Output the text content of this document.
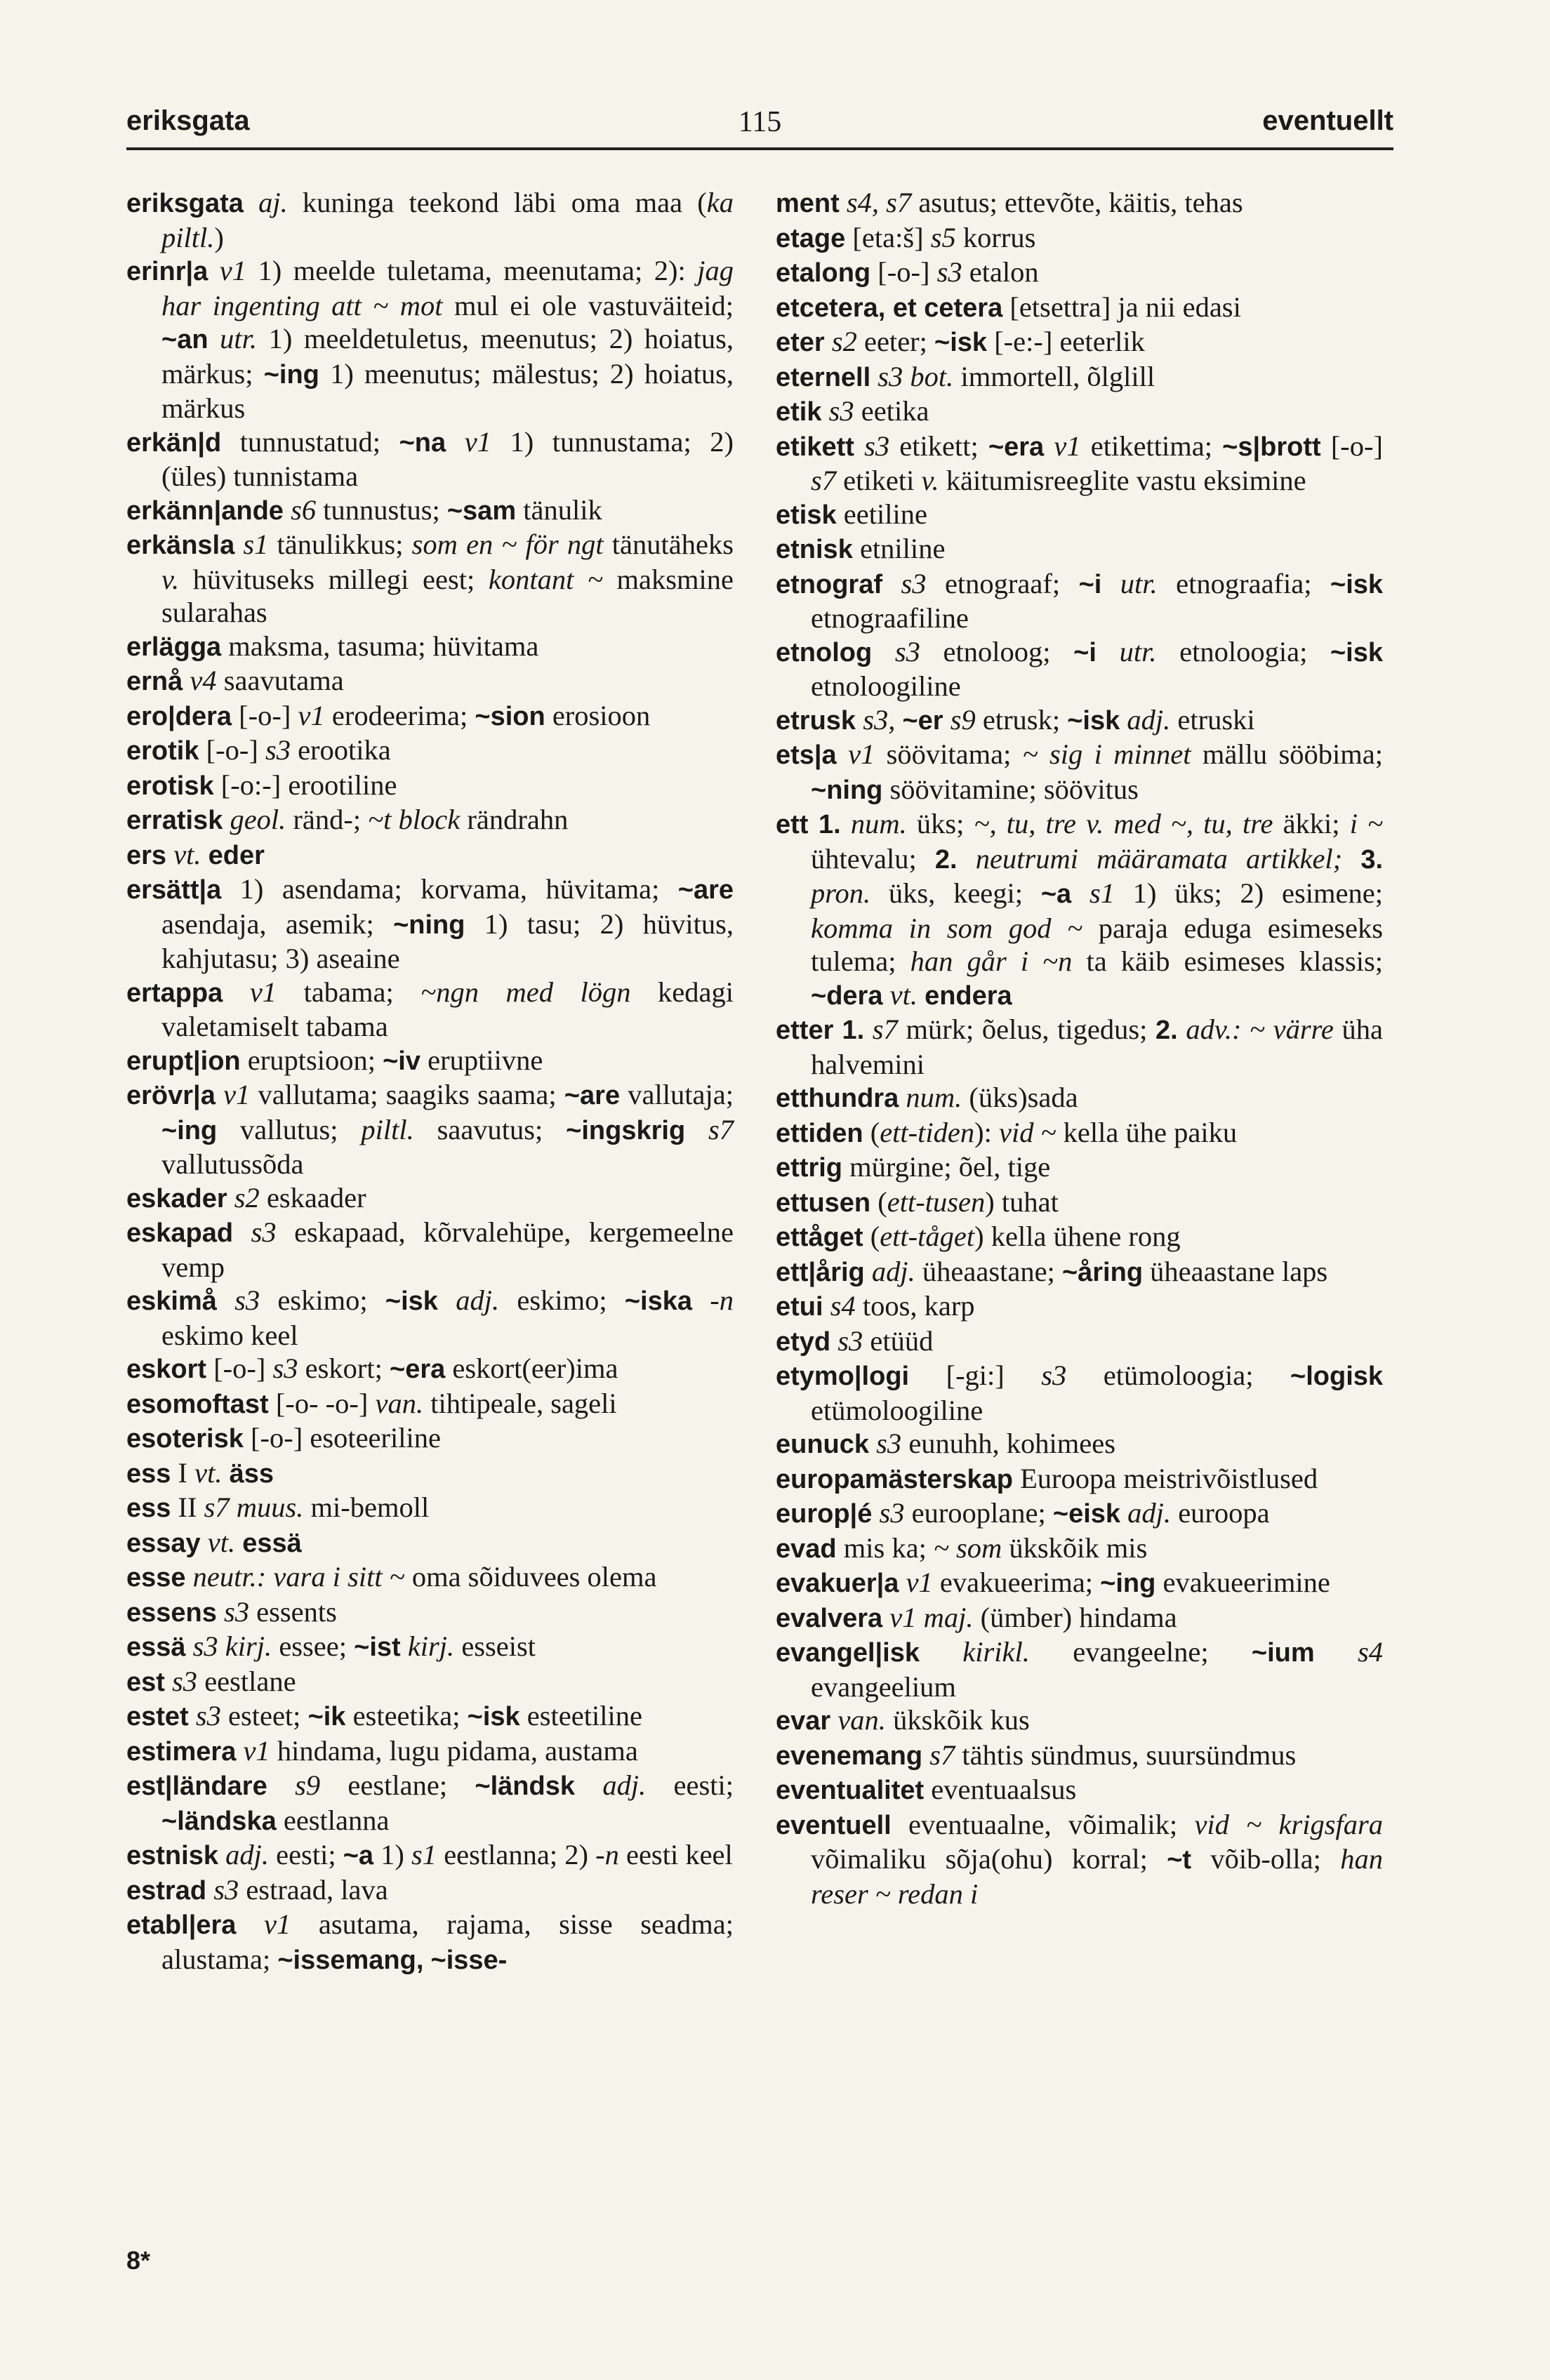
eriksgata	115	eventuellt

eriksgata aj. kuninga teekond läbi oma maa (ka piltl.)

erinr|a v1 1) meelde tuletama, meenutama; 2): jag har ingenting att ~ mot mul ei ole vastuväiteid; ~an utr. 1) meeldetuletus, meenutus; 2) hoiatus, märkus; ~ing 1) meenutus; mälestus; 2) hoiatus, märkus

erkän|d tunnustatud; ~na v1 1) tunnustama; 2) (üles) tunnistama

erkänn|ande s6 tunnustus; ~sam tänulik

erkänsla s1 tänulikkus; som en ~ för ngt tänutäheks v. hüvituseks millegi eest; kontant ~ maksmine sularahas

erlägga maksma, tasuma; hüvitama

ernå v4 saavutama

ero|dera [-o-] v1 erodeerima; ~sion erosioon

erotik [-o-] s3 erootika

erotisk [-o:-] erootiline

erratisk geol. ränd-; ~t block rändrahn

ers vt. eder

ersätt|a 1) asendama; korvama, hüvitama; ~are asendaja, asemik; ~ning 1) tasu; 2) hüvitus, kahjutasu; 3) aseaine

ertappa v1 tabama; ~ngn med lögn kedagi valetamiselt tabama

erupt|ion eruptsioon; ~iv eruptiivne

erövr|a v1 vallutama; saagiks saama; ~are vallutaja; ~ing vallutus; piltl. saavutus; ~ingskrig s7 vallutussõda

eskader s2 eskaader

eskapad s3 eskapaad, kõrvalehüpe, kergemeelne vemp

eskimå s3 eskimo; ~isk adj. eskimo; ~iska -n eskimo keel

eskort [-o-] s3 eskort; ~era eskort(eer)ima

esomoftast [-o- -o-] van. tihtipeale, sageli

esoterisk [-o-] esoteeriline

ess I vt. äss

ess II s7 muus. mi-bemoll

essay vt. essä

esse neutr.: vara i sitt ~ oma sõiduvees olema

essens s3 essents

essä s3 kirj. essee; ~ist kirj. esseist

est s3 eestlane

estet s3 esteet; ~ik esteetika; ~isk esteetiline

estimera v1 hindama, lugu pidama, austama

est|ländare s9 eestlane; ~ländsk adj. eesti; ~ländska eestlanna

estnisk adj. eesti; ~a 1) s1 eestlanna; 2) -n eesti keel

estrad s3 estraad, lava

etabl|era v1 asutama, rajama, sisse seadma; alustama; ~issemang, ~isse-

ment s4, s7 asutus; ettevõte, käitis, tehas

etage [eta:š] s5 korrus

etalong [-o-] s3 etalon

etcetera, et cetera [etsettra] ja nii edasi

eter s2 eeter; ~isk [-e:-] eeterlik

eternell s3 bot. immortell, õlglill

etik s3 eetika

etikett s3 etikett; ~era v1 etikettima; ~s|brott [-o-] s7 etiketi v. käitumisreeglite vastu eksimine

etisk eetiline

etnisk etniline

etnograf s3 etnograaf; ~i utr. etnograafia; ~isk etnograafiline

etnolog s3 etnoloog; ~i utr. etnoloogia; ~isk etnoloogiline

etrusk s3, ~er s9 etrusk; ~isk adj. etruski

ets|a v1 söövitama; ~ sig i minnet mällu sööbima; ~ning söövitamine; söövitus

ett 1. num. üks; ~, tu, tre v. med ~, tu, tre äkki; i ~ ühtevalu; 2. neutrumi määramata artikkel; 3. pron. üks, keegi; ~a s1 1) üks; 2) esimene; komma in som god ~ paraja eduga esimeseks tulema; han går i ~n ta käib esimeses klassis; ~dera vt. endera

etter 1. s7 mürk; õelus, tigedus; 2. adv.: ~ värre üha halvemini

etthundra num. (üks)sada

ettiden (ett-tiden): vid ~ kella ühe paiku

ettrig mürgine; õel, tige

ettusen (ett-tusen) tuhat

ettåget (ett-tåget) kella ühene rong

ett|årig adj. üheaastane; ~åring üheaastane laps

etui s4 toos, karp

etyd s3 etüüd

etymo|logi [-gi:] s3 etümoloogia; ~logisk etümoloogiline

eunuck s3 eunuhh, kohimees

europamästerskap Euroopa meistrivõistlused

europ|é s3 eurooplane; ~eisk adj. euroopa

evad mis ka; ~ som ükskõik mis

evakuer|a v1 evakueerima; ~ing evakueerimine

evalvera v1 maj. (ümber) hindama

evangel|isk kirikl. evangeelne; ~ium s4 evangeelium

evar van. ükskõik kus

evenemang s7 tähtis sündmus, suursündmus

eventualitet eventuaalsus

eventuell eventuaalne, võimalik; vid ~ krigsfara võimaliku sõja(ohu) korral; ~t võib-olla; han reser ~ redan i

8*
